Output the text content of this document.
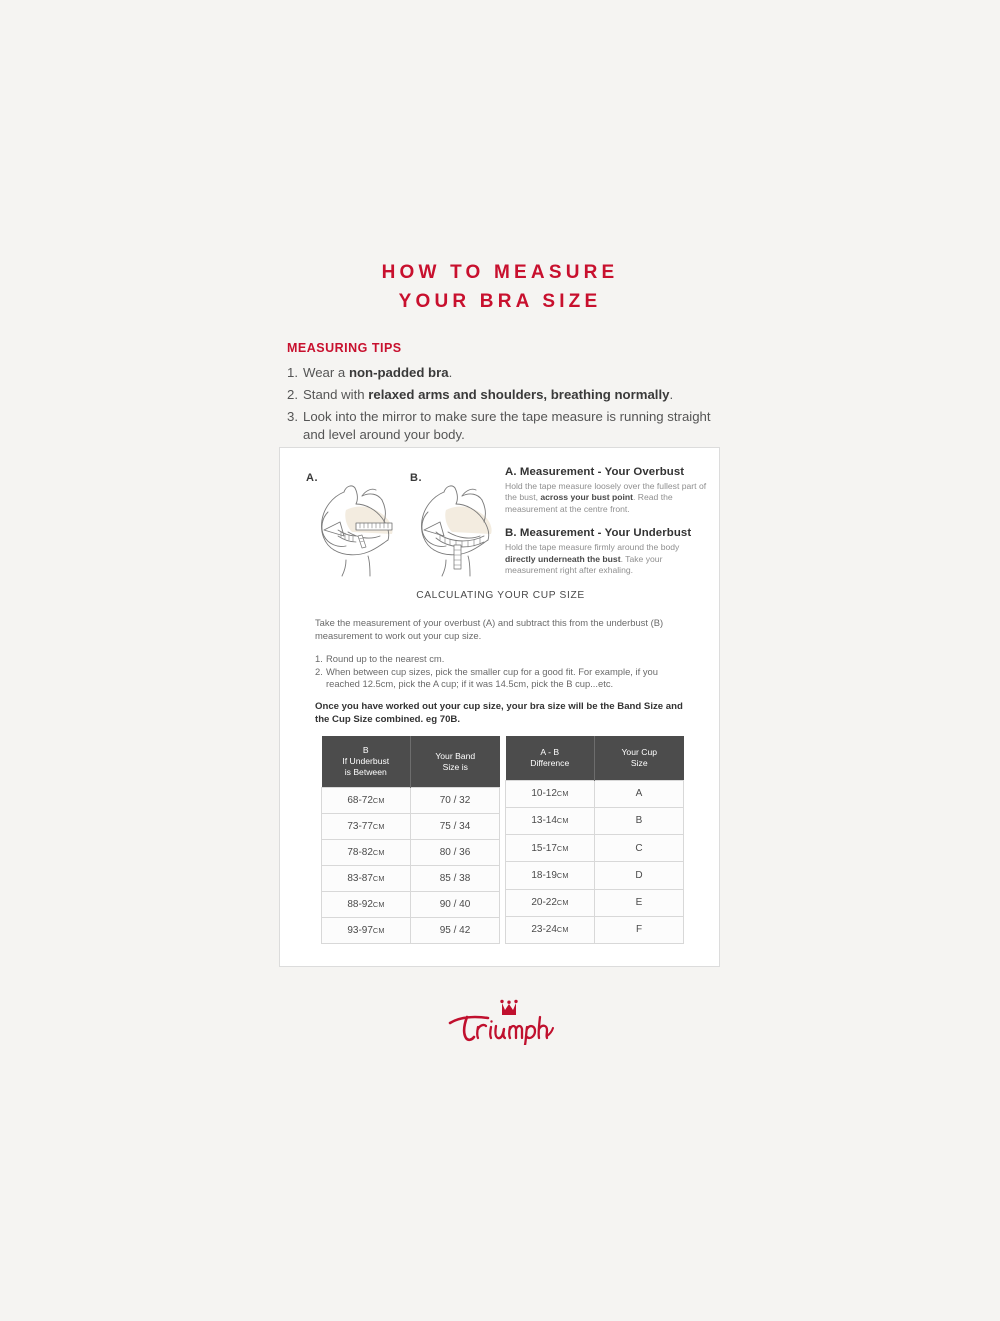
HOW TO MEASURE
YOUR BRA SIZE
MEASURING TIPS
1. Wear a non-padded bra.
2. Stand with relaxed arms and shoulders, breathing normally.
3. Look into the mirror to make sure the tape measure is running straight and level around your body.
A.	B.	A. Measurement - Your Overbust
Hold the tape measure loosely over the fullest part of the bust, across your bust point. Read the measurement at the centre front.
B. Measurement - Your Underbust
Hold the tape measure firmly around the body directly underneath the bust. Take your measurement right after exhaling.
CALCULATING YOUR CUP SIZE

Take the measurement of your overbust (A) and subtract this from the underbust (B) measurement to work out your cup size.

1. Round up to the nearest cm.
2. When between cup sizes, pick the smaller cup for a good fit. For example, if you reached 12.5cm, pick the A cup; if it was 14.5cm, pick the B cup...etc.

Once you have worked out your cup size, your bra size will be the Band Size and the Cup Size combined. eg 70B.

B
If Underbust
is Between	Your Band
Size is
68-72CM	70 / 32
73-77CM	75 / 34
78-82CM	80 / 36
83-87CM	85 / 38
88-92CM	90 / 40
93-97CM	95 / 42
A - B
Difference	Your Cup
Size
10-12CM	A
13-14CM	B
15-17CM	C
18-19CM	D
20-22CM	E
23-24CM	F
